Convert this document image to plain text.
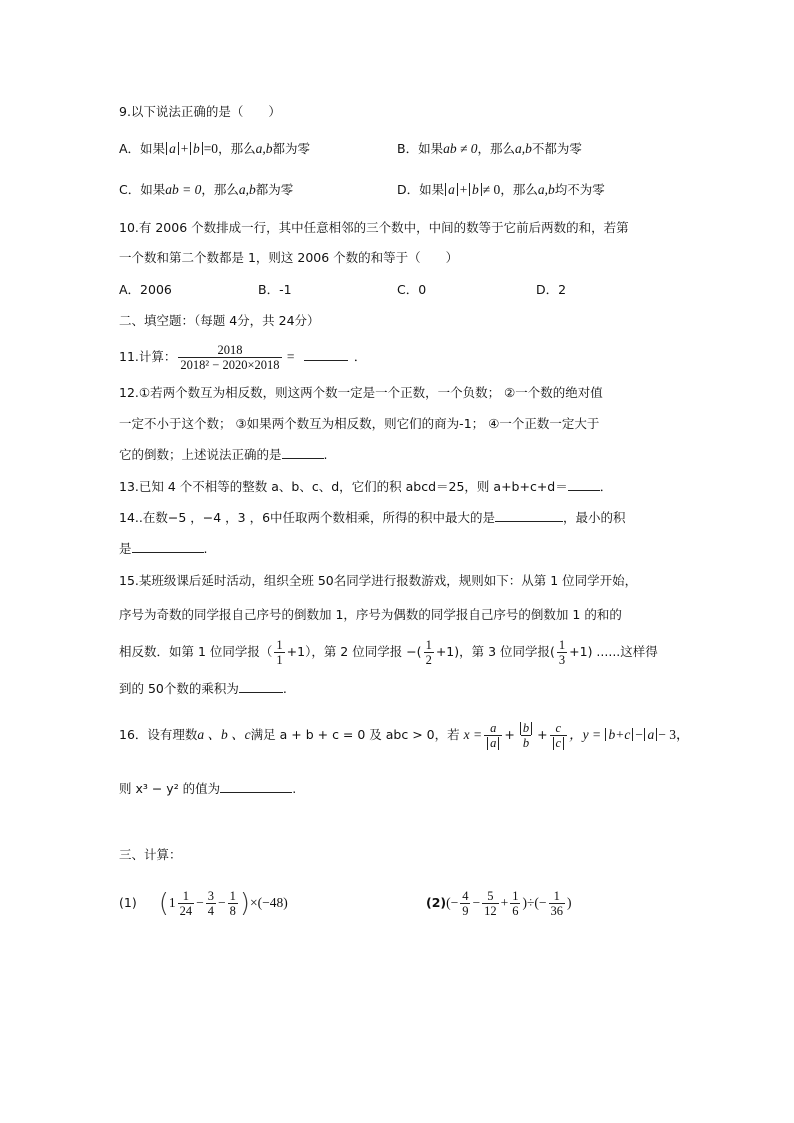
9.以下说法正确的是（　　）
A．如果 a + b =0，那么a,b都为零	B．如果ab ≠ 0，那么a,b不都为零
C．如果ab = 0，那么a,b都为零	D．如果 a + b ≠ 0，那么a,b均不为零
10.有 2006 个数排成一行，其中任意相邻的三个数中，中间的数等于它前后两数的和，若第
一个数和第二个数都是 1，则这 2006 个数的和等于（　　）
A．2006	B．-1	C．0	D．2
二、填空题：（每题 4分，共 24分）
11.计算： $\frac{2018}{\text{2018² − 2020×2018}}$ =	．
12.①若两个数互为相反数，则这两个数一定是一个正数，一个负数； ②一个数的绝对值
一定不小于这个数； ③如果两个数互为相反数，则它们的商为-1； ④一个正数一定大于
它的倒数；上述说法正确的是	.
13.已知 4 个不相等的整数 a、b、c、d，它们的积 abcd＝25，则 a+b+c+d＝	．
14..在数−5 ，−4 ，3 ，6中任取两个数相乘，所得的积中最大的是	，最小的积
是	.
15.某班级课后延时活动，组织全班 50名同学进行报数游戏，规则如下：从第 1 位同学开始，
序号为奇数的同学报自己序号的倒数加 1，序号为偶数的同学报自己序号的倒数加 1 的和的
相反数．如第 1 位同学报（ $\frac{1}{1} +1$），第 2 位同学报 −( $\frac{1}{2} +1$)，第 3 位同学报( $\frac{1}{3} +1$) ......这样得
到的 50个数的乘积为	.
16．设有理数a 、b 、c满足 a + b + c = 0 及 abc > 0，若 $x = \frac{a}{a} + \frac{b}{b} + \frac{c}{c}$ ，y = b+c − a − 3，
则 x³ − y² 的值为	.
三、计算：
(1) $(1 \frac{1}{24} - \frac{3}{4} - \frac{1}{8} )\times(-48)$	$(2)(- \frac{4}{9} - \frac{5}{12} + \frac{1}{6}$ )÷(− $\frac{1}{36}$ )
